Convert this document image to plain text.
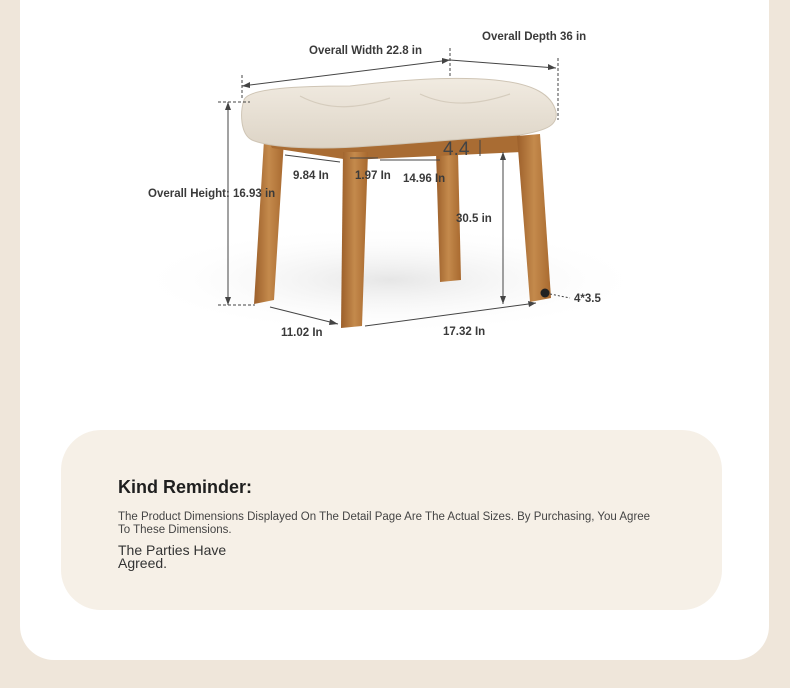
Overall Width 22.8 in
Overall Depth 36 in
Overall Height: 16.93 in
9.84 In 1.97 In 14.96 In
4.4
30.5 in
4*3.5
11.02 In	17.32 In
Kind Reminder:
The Product Dimensions Displayed On The Detail Page Are The Actual Sizes. By Purchasing, You Agree To These Dimensions.
The Parties Have Agreed.
